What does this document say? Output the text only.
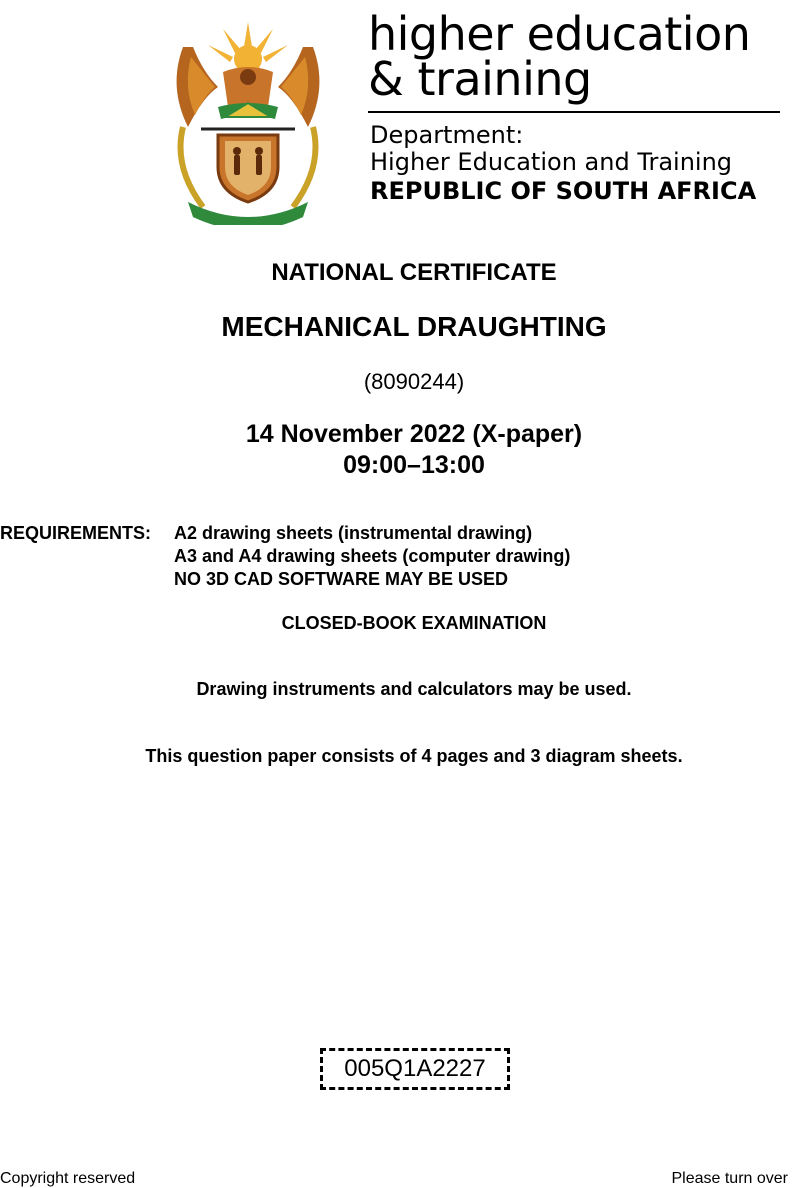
higher education
& training
Department:
Higher Education and Training
REPUBLIC OF SOUTH AFRICA
NATIONAL CERTIFICATE
MECHANICAL DRAUGHTING
(8090244)
14 November 2022 (X-paper)
09:00–13:00
REQUIREMENTS: A2 drawing sheets (instrumental drawing)
A3 and A4 drawing sheets (computer drawing)
NO 3D CAD SOFTWARE MAY BE USED
CLOSED-BOOK EXAMINATION
Drawing instruments and calculators may be used.
This question paper consists of 4 pages and 3 diagram sheets.
005Q1A2227
Copyright reserved	Please turn over
